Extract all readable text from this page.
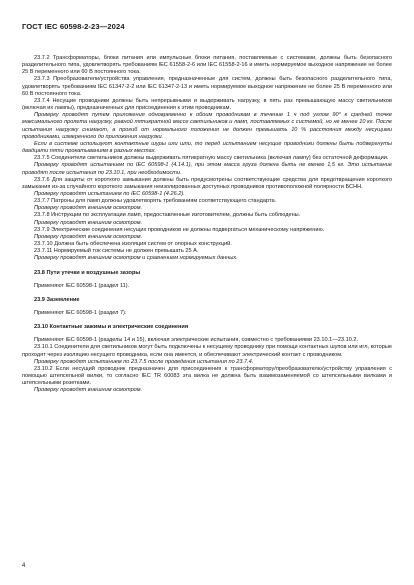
ГОСТ IEC 60598-2-23—2024

23.7.2 Трансформаторы, блоки питания или импульсные блоки питания, поставляемые с системами, должны быть безопасного разделительного типа, удовлетворять требованиям IEC 61558-2-6 или IEC 61558-2-16 и иметь нормируемое выходное напряжение не более 25 В переменного или 60 В постоянного тока.

23.7.3 Преобразователи/устройства управления, предназначенные для систем, должны быть безопасного разделительного типа, удовлетворять требованиям IEC 61347-2-2 или IEC 61347-2-13 и иметь нормируемое выходное напряжение не более 25 В переменного или 60 В постоянного тока.

23.7.4 Несущие проводники должны быть непрерывными и выдерживать нагрузку, в пять раз превышающую массу светильников (включая их лампы), предназначенных для присоединения к этим проводникам.

Проверку проводят путем приложения одновременно к обоим проводникам в течение 1 ч под углом 90° к средней точке максимального пролета нагрузку, равной пятикратной массе светильников и ламп, поставляемых с системой, но не менее 10 кг. После испытания нагрузку снимают, а прогиб от нормального положения не должен превышать 10 % расстояния между несущими проводниками, измеренного до приложения нагрузки.

Если в системе используют контактные шуры или шпи, то перед испытанием несущие проводники должны быть подвергнуты двадцати пяти прокатываниям в разных местах.

23.7.5 Соединители светильников должны выдерживать пятикратную массу светильника (включая лампу) без остаточной деформации.

Проверку проводят испытанием по IEC 60598-1 (4.14.1), при этом масса груза должна быть не менее 1,5 кг. Это испытание проводят после испытания по 23.10.1, при необходимости.

23.7.6 Для защиты от короткого замыкания должны быть предусмотрены соответствующие средства для предотвращения короткого замыкания из-за случайного короткого замыкания неизолированных доступных проводников противоположной полярности БСНН.

Проверку проводят испытанием по IEC 60598-1 (4.26.2).

23.7.7 Патроны для ламп должны удовлетворять требованиям соответствующего стандарта.

Проверку проводят внешним осмотром.

23.7.8 Инструкции по эксплуатации ламп, предоставленные изготовителем, должны быть соблюдены.

Проверку проводят внешним осмотром.

23.7.9 Электрические соединения несущих проводников не должны подвергаться механическому напряжению.

Проверку проводят внешним осмотром.

23.7.10 Должна быть обеспечена изоляция систем от опорных конструкций.

23.7.11 Нормируемый ток системы не должен превышать 25 А.

Проверку проводят внешним осмотром и сравнением нормируемых данных.

23.8 Пути утечки и воздушные зазоры

Применяют IEC 60598-1 (раздел 11).

23.9 Заземление

Применяют IEC 60598-1 (раздел 7).

23.10 Контактные зажимы и электрические соединения

Применяют IEC 60598-1 (разделы 14 и 15), включая электрические испытания, совместно с требованиями 23.10.1—23.10.2.

23.10.1 Соединители для светильников могут быть подключены к несущему проводнику при помощи контактных шупов или игл, которые проходят через изоляцию несущего проводника, если она имеется, и обеспечивают электрический контакт с проводником.

Проверку проводят испытанием по 23.7.5 после проведения испытания по 23.7.4.

23.10.2 Если несущий проводник предназначен для присоединения к трансформатору/преобразователю/устройству управления с помощью штепсельной вилки, то согласно IEC TR 60083 эта вилка не должна быть взаимозаменяемой со штепсельными вилками и штепсельными розетками.

Проверку проводят внешним осмотром.

4
